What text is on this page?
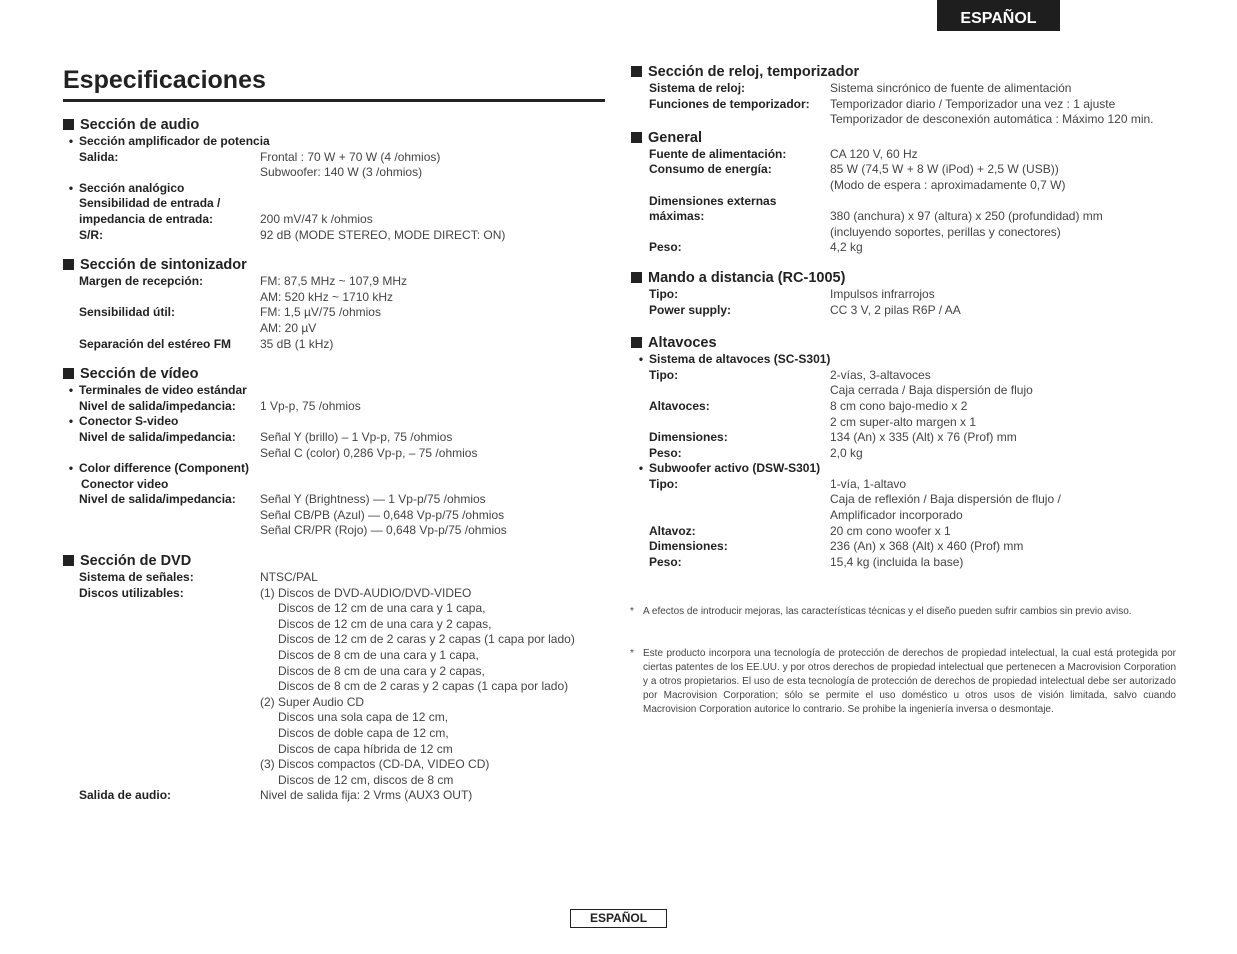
ESPAÑOL
Especificaciones
Sección de audio
• Sección amplificador de potencia
Salida:	Frontal : 70 W + 70 W (4 /ohmios)
Subwoofer: 140 W (3 /ohmios)
• Sección analógico
Sensibilidad de entrada /
impedancia de entrada:
	200 mV/47 k /ohmios
S/R:	92 dB (MODE STEREO, MODE DIRECT: ON)
Sección de sintonizador
Margen de recepción:	FM: 87,5 MHz ~ 107,9 MHz
AM: 520 kHz ~ 1710 kHz
Sensibilidad útil:	FM: 1,5 µV/75 /ohmios
AM: 20 µV
Separación del estéreo FM	35 dB (1 kHz)
Sección de vídeo
• Terminales de video estándar
Nivel de salida/impedancia:	1 Vp-p, 75 /ohmios
• Conector S-video
Nivel de salida/impedancia:	Señal Y (brillo) – 1 Vp-p, 75 /ohmios
Señal C (color) 0,286 Vp-p, – 75 /ohmios
• Color difference (Component)
Conector video
Nivel de salida/impedancia:	Señal Y (Brightness) — 1 Vp-p/75 /ohmios
Señal CB/PB (Azul) — 0,648 Vp-p/75 /ohmios
Señal CR/PR (Rojo) — 0,648 Vp-p/75 /ohmios
Sección de DVD
Sistema de señales:	NTSC/PAL
Discos utilizables:	(1) Discos de DVD-AUDIO/DVD-VIDEO
Discos de 12 cm de una cara y 1 capa,
Discos de 12 cm de una cara y 2 capas,
Discos de 12 cm de 2 caras y 2 capas (1 capa por lado)
Discos de 8 cm de una cara y 1 capa,
Discos de 8 cm de una cara y 2 capas,
Discos de 8 cm de 2 caras y 2 capas (1 capa por lado)
(2) Super Audio CD
Discos una sola capa de 12 cm,
Discos de doble capa de 12 cm,
Discos de capa híbrida de 12 cm
(3) Discos compactos (CD-DA, VIDEO CD)
Discos de 12 cm, discos de 8 cm
Salida de audio:	Nivel de salida fija: 2 Vrms (AUX3 OUT)
Sección de reloj, temporizador
Sistema de reloj:	Sistema sincrónico de fuente de alimentación
Funciones de temporizador:	Temporizador diario / Temporizador una vez : 1 ajuste
Temporizador de desconexión automática : Máximo 120 min.
General
Fuente de alimentación:	CA 120 V, 60 Hz
Consumo de energía:	85 W (74,5 W + 8 W (iPod) + 2,5 W (USB))
(Modo de espera : aproximadamente 0,7 W)
Dimensiones externas
máximas:
	380 (anchura) x 97 (altura) x 250 (profundidad) mm
(incluyendo soportes, perillas y conectores)
Peso:	4,2 kg
Mando a distancia (RC-1005)
Tipo:	Impulsos infrarrojos
Power supply:	CC 3 V, 2 pilas R6P / AA
Altavoces
• Sistema de altavoces (SC-S301)
Tipo:	2-vías, 3-altavoces
Caja cerrada / Baja dispersión de flujo
Altavoces:	8 cm cono bajo-medio x 2
2 cm super-alto margen x 1
Dimensiones:	134 (An) x 335 (Alt) x 76 (Prof) mm
Peso:	2,0 kg
• Subwoofer activo (DSW-S301)
Tipo:	1-vía, 1-altavo
Caja de reflexión / Baja dispersión de flujo /
Amplificador incorporado
Altavoz:	20 cm cono woofer x 1
Dimensiones:	236 (An) x 368 (Alt) x 460 (Prof) mm
Peso:	15,4 kg (incluida la base)
* A efectos de introducir mejoras, las características técnicas y el diseño pueden sufrir cambios sin previo aviso.
* Este producto incorpora una tecnología de protección de derechos de propiedad intelectual, la cual está protegida por ciertas patentes de los EE.UU. y por otros derechos de propiedad intelectual que pertenecen a Macrovision Corporation y a otros propietarios. El uso de esta tecnología de protección de derechos de propiedad intelectual debe ser autorizado por Macrovision Corporation; sólo se permite el uso doméstico u otros usos de visión limitada, salvo cuando Macrovision Corporation autorice lo contrario. Se prohibe la ingeniería inversa o desmontaje.
ESPAÑOL
